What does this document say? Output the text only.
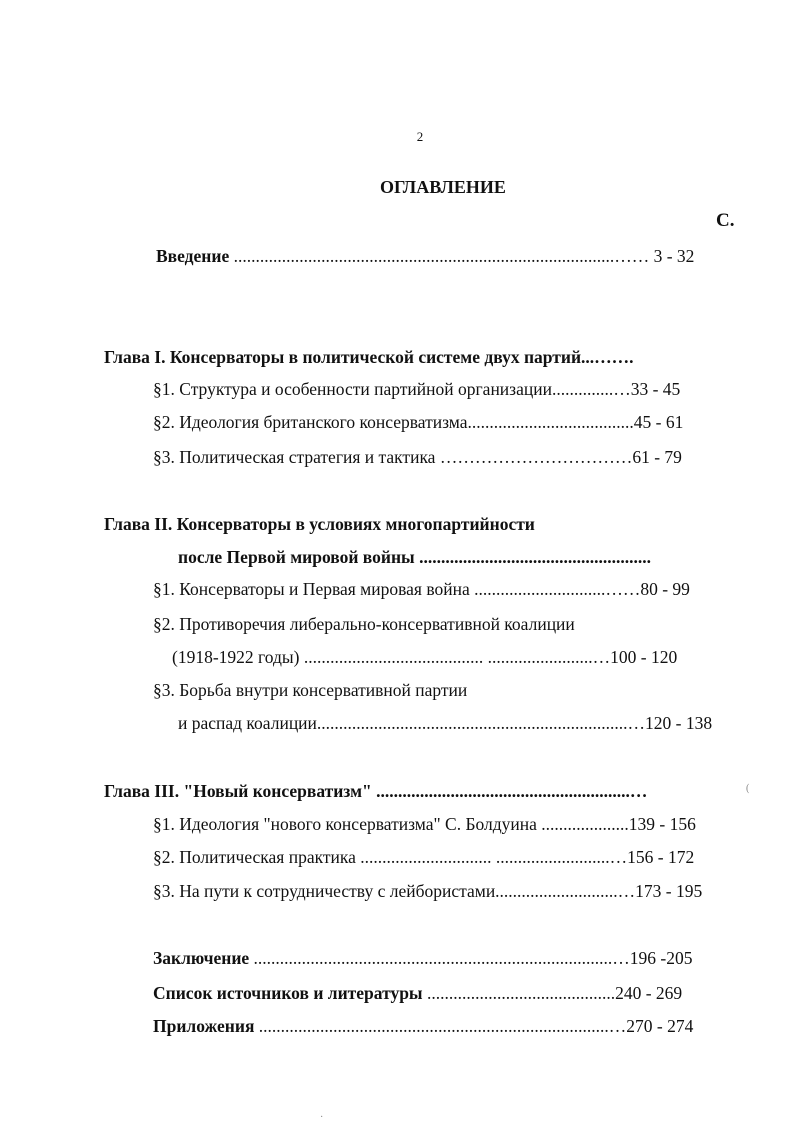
2
ОГЛАВЛЕНИЕ
С.
Введение .......................................................................................…… 3 - 32
Глава I. Консерваторы в политической системе двух партий...…….
§1. Структура и особенности партийной организации..............…33 - 45
§2. Идеология британского консерватизма......................................45 - 61
§3. Политическая стратегия и тактика ……………………………61 - 79
Глава II. Консерваторы в условиях многопартийности
после Первой мировой войны .....................................................
§1. Консерваторы и Первая мировая война ..............................……80 - 99
§2. Противоречия либерально-консервативной коалиции
(1918-1922 годы) ......................................... ........................…100 - 120
§3. Борьба внутри консервативной партии
и распад коалиции.......................................................................…120 - 138
Глава III. "Новый консерватизм" ..........................................................…
§1. Идеология "нового консерватизма" С. Болдуина ....................139 - 156
§2. Политическая практика .............................. ..........................…156 - 172
§3. На пути к сотрудничеству с лейбористами............................…173 - 195
Заключение ..................................................................................…196 -205
Список источников и литературы ...........................................240 - 269
Приложения ................................................................................…270 - 274
(
·
